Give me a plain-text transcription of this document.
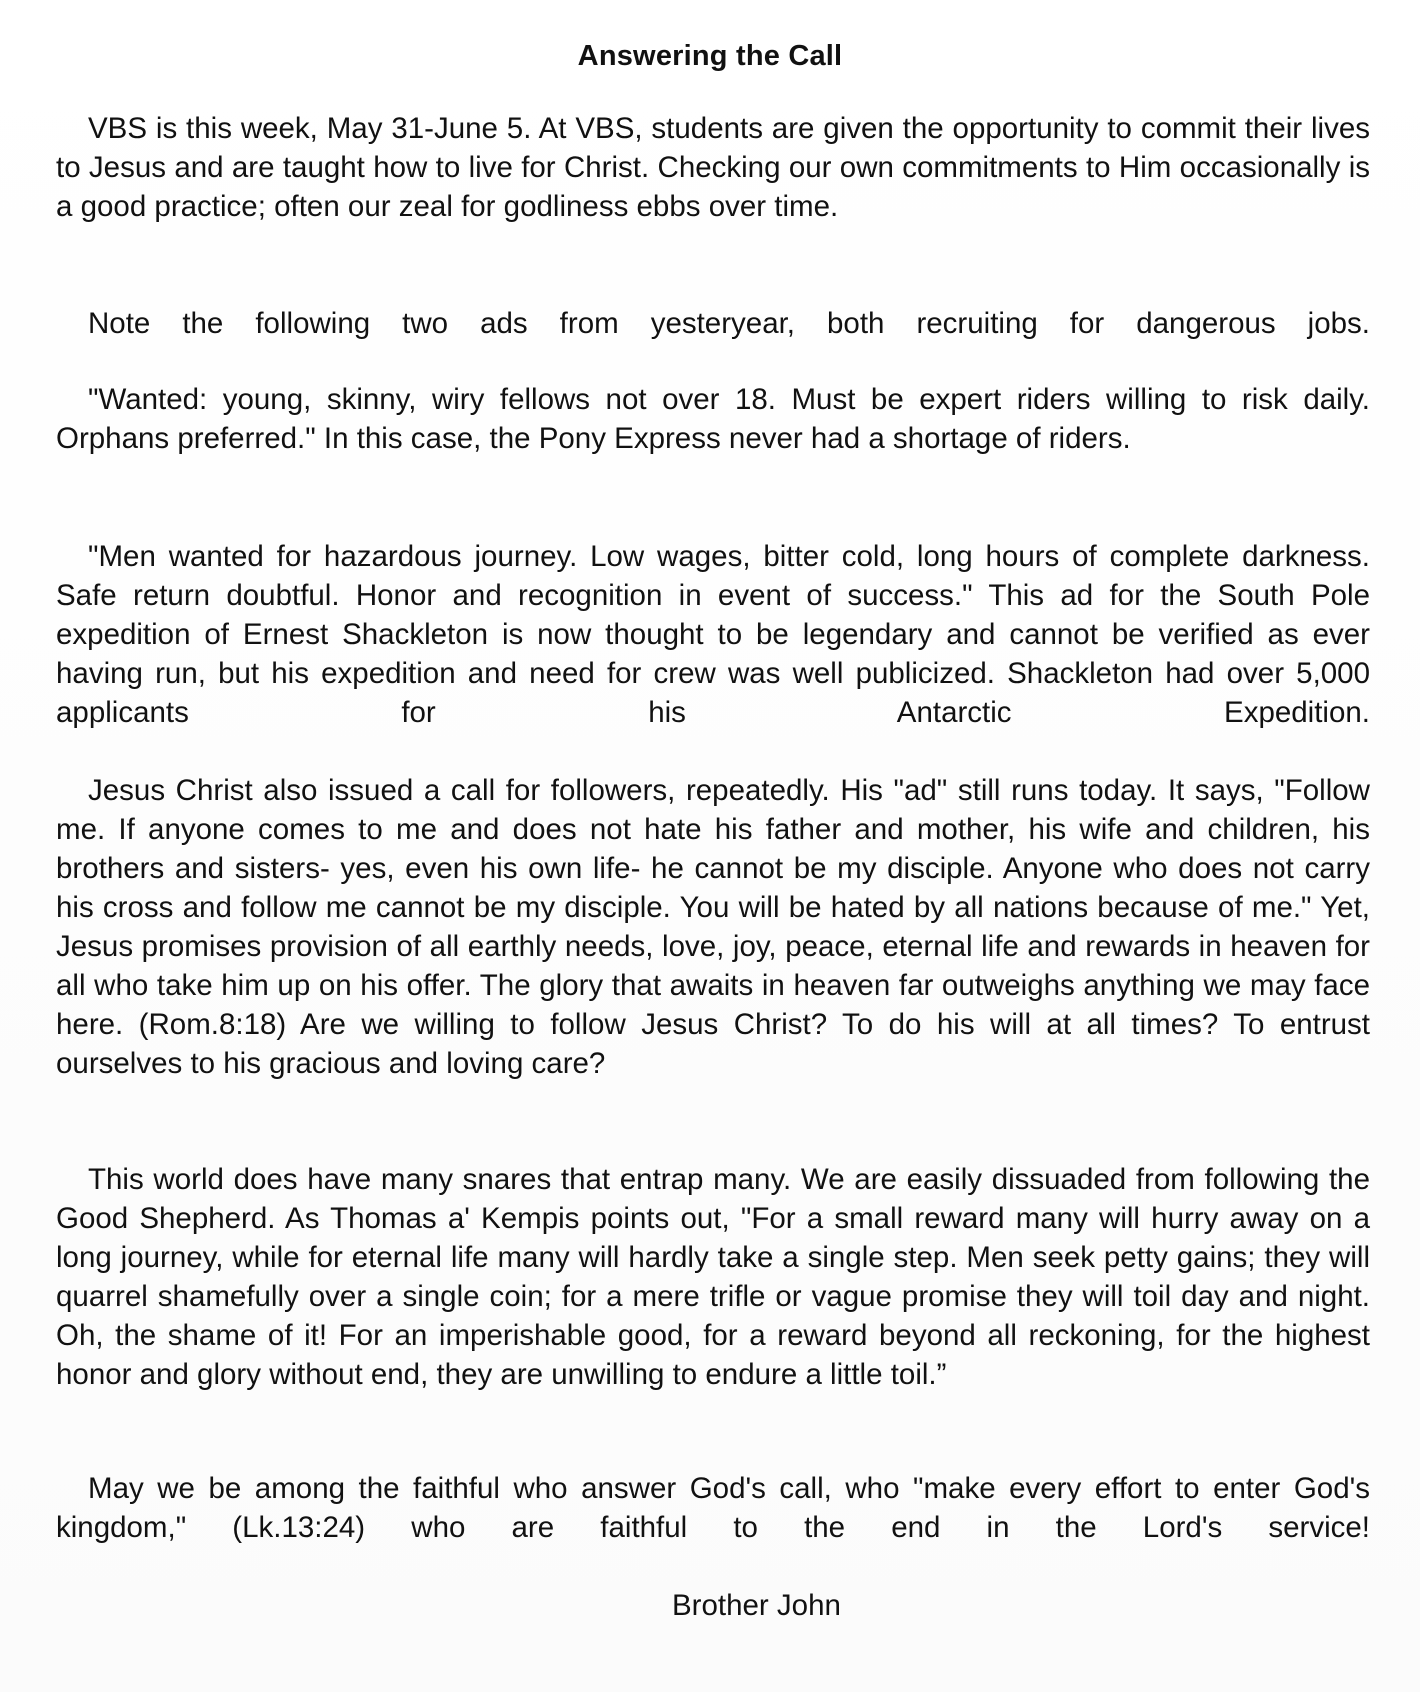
Answering the Call

VBS is this week, May 31-June 5. At VBS, students are given the opportunity to commit their lives to Jesus and are taught how to live for Christ. Checking our own commitments to Him occasionally is a good practice; often our zeal for godliness ebbs over time.

Note the following two ads from yesteryear, both recruiting for dangerous jobs.

"Wanted: young, skinny, wiry fellows not over 18. Must be expert riders willing to risk daily. Orphans preferred." In this case, the Pony Express never had a shortage of riders.

"Men wanted for hazardous journey. Low wages, bitter cold, long hours of complete darkness. Safe return doubtful. Honor and recognition in event of success." This ad for the South Pole expedition of Ernest Shackleton is now thought to be legendary and cannot be verified as ever having run, but his expedition and need for crew was well publicized. Shackleton had over 5,000 applicants for his Antarctic Expedition.

Jesus Christ also issued a call for followers, repeatedly. His "ad" still runs today. It says, "Follow me. If anyone comes to me and does not hate his father and mother, his wife and children, his brothers and sisters- yes, even his own life- he cannot be my disciple. Anyone who does not carry his cross and follow me cannot be my disciple. You will be hated by all nations because of me." Yet, Jesus promises provision of all earthly needs, love, joy, peace, eternal life and rewards in heaven for all who take him up on his offer. The glory that awaits in heaven far outweighs anything we may face here. (Rom.8:18) Are we willing to follow Jesus Christ? To do his will at all times? To entrust ourselves to his gracious and loving care?

This world does have many snares that entrap many. We are easily dissuaded from following the Good Shepherd. As Thomas a' Kempis points out, "For a small reward many will hurry away on a long journey, while for eternal life many will hardly take a single step. Men seek petty gains; they will quarrel shamefully over a single coin; for a mere trifle or vague promise they will toil day and night. Oh, the shame of it! For an imperishable good, for a reward beyond all reckoning, for the highest honor and glory without end, they are unwilling to endure a little toil.”

May we be among the faithful who answer God's call, who "make every effort to enter God's kingdom," (Lk.13:24) who are faithful to the end in the Lord's service!

Brother John
